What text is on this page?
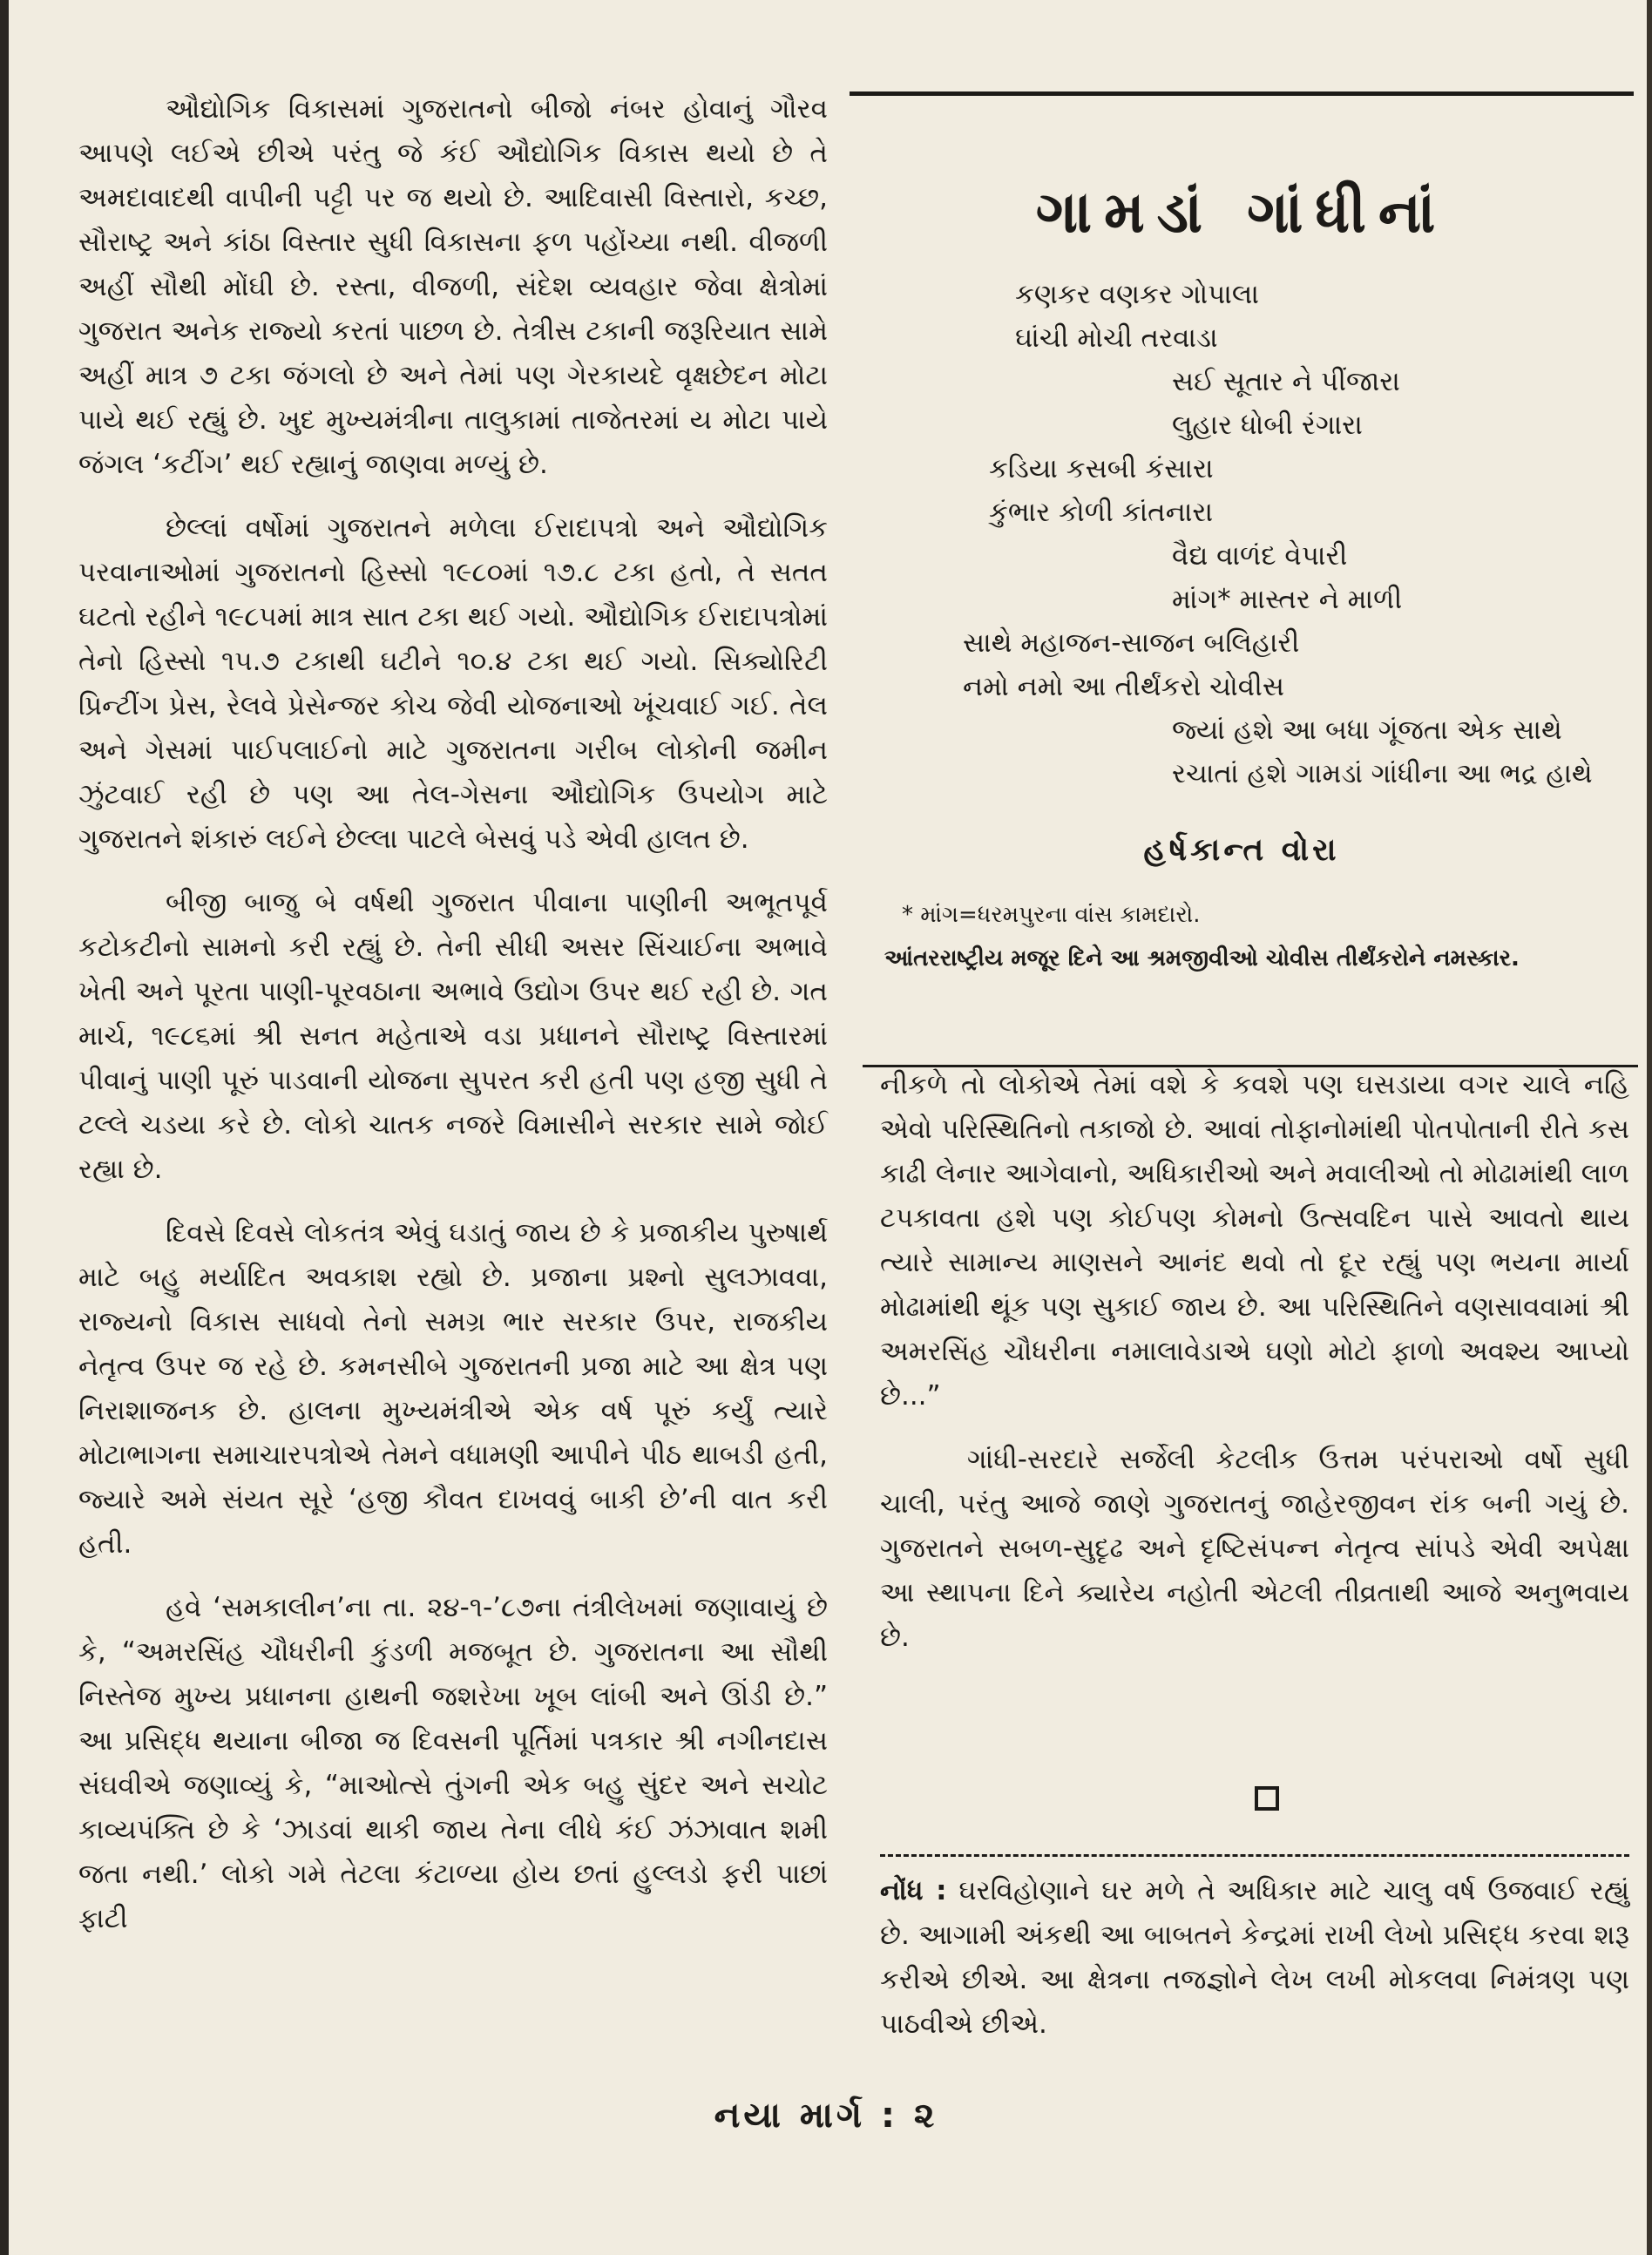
ઔદ્યોગિક વિકાસમાં ગુજરાતનો બીજો નંબર હોવાનું ગૌરવ આપણે લઈએ છીએ પરંતુ જે કંઈ ઔદ્યોગિક વિકાસ થયો છે તે અમદાવાદથી વાપીની પટ્ટી પર જ થયો છે. આદિવાસી વિસ્તારો, કચ્છ, સૌરાષ્ટ્ર અને કાંઠા વિસ્તાર સુધી વિકાસના ફળ પહોંચ્યા નથી. વીજળી અહીં સૌથી મોંઘી છે. રસ્તા, વીજળી, સંદેશ વ્યવહાર જેવા ક્ષેત્રોમાં ગુજરાત અનેક રાજ્યો કરતાં પાછળ છે. તેત્રીસ ટકાની જરૂરિયાત સામે અહીં માત્ર ૭ ટકા જંગલો છે અને તેમાં પણ ગેરકાયદે વૃક્ષછેદન મોટા પાયે થઈ રહ્યું છે. ખુદ મુખ્યમંત્રીના તાલુકામાં તાજેતરમાં ય મોટા પાયે જંગલ ‘કટીંગ’ થઈ રહ્યાનું જાણવા મળ્યું છે.

છેલ્લાં વર્ષોમાં ગુજરાતને મળેલા ઈરાદાપત્રો અને ઔદ્યોગિક પરવાનાઓમાં ગુજરાતનો હિસ્સો ૧૯૮૦માં ૧૭.૮ ટકા હતો, તે સતત ઘટતો રહીને ૧૯૮૫માં માત્ર સાત ટકા થઈ ગયો. ઔદ્યોગિક ઈરાદાપત્રોમાં તેનો હિસ્સો ૧૫.૭ ટકાથી ઘટીને ૧૦.૪ ટકા થઈ ગયો. સિક્યોરિટી પ્રિન્ટીંગ પ્રેસ, રેલવે પ્રેસેન્જર કોચ જેવી યોજનાઓ ખૂંચવાઈ ગઈ. તેલ અને ગેસમાં પાઈપલાઈનો માટે ગુજરાતના ગરીબ લોકોની જમીન ઝુંટવાઈ રહી છે પણ આ તેલ-ગેસના ઔદ્યોગિક ઉપયોગ માટે ગુજરાતને શંકારું લઈને છેલ્લા પાટલે બેસવું પડે એવી હાલત છે.

બીજી બાજુ બે વર્ષથી ગુજરાત પીવાના પાણીની અભૂતપૂર્વ કટોકટીનો સામનો કરી રહ્યું છે. તેની સીધી અસર સિંચાઈના અભાવે ખેતી અને પૂરતા પાણી-પૂરવઠાના અભાવે ઉદ્યોગ ઉપર થઈ રહી છે. ગત માર્ચ, ૧૯૮૬માં શ્રી સનત મહેતાએ વડા પ્રધાનને સૌરાષ્ટ્ર વિસ્તારમાં પીવાનું પાણી પૂરું પાડવાની યોજના સુપરત કરી હતી પણ હજી સુધી તે ટલ્લે ચડયા કરે છે. લોકો ચાતક નજરે વિમાસીને સરકાર સામે જોઈ રહ્યા છે.

દિવસે દિવસે લોકતંત્ર એવું ઘડાતું જાય છે કે પ્રજાકીય પુરુષાર્થ માટે બહુ મર્યાદિત અવકાશ રહ્યો છે. પ્રજાના પ્રશ્નો સુલઝાવવા, રાજ્યનો વિકાસ સાધવો તેનો સમગ્ર ભાર સરકાર ઉપર, રાજકીય નેતૃત્વ ઉપર જ રહે છે. કમનસીબે ગુજરાતની પ્રજા માટે આ ક્ષેત્ર પણ નિરાશાજનક છે. હાલના મુખ્યમંત્રીએ એક વર્ષ પૂરું કર્યું ત્યારે મોટાભાગના સમાચારપત્રોએ તેમને વધામણી આપીને પીઠ થાબડી હતી, જ્યારે અમે સંયત સૂરે ‘હજી કૌવત દાખવવું બાકી છે’ની વાત કરી હતી.

હવે ‘સમકાલીન’ના તા. ૨૪-૧-’૮૭ના તંત્રીલેખમાં જણાવાયું છે કે, “અમરસિંહ ચૌધરીની કુંડળી મજબૂત છે. ગુજરાતના આ સૌથી નિસ્તેજ મુખ્ય પ્રધાનના હાથની જશરેખા ખૂબ લાંબી અને ઊંડી છે.” આ પ્રસિદ્ધ થયાના બીજા જ દિવસની પૂર્તિમાં પત્રકાર શ્રી નગીનદાસ સંઘવીએ જણાવ્યું કે, “માઓત્સે તુંગની એક બહુ સુંદર અને સચોટ કાવ્યપંક્તિ છે કે ‘ઝાડવાં થાકી જાય તેના લીધે કંઈ ઝંઝાવાત શમી જતા નથી.’ લોકો ગમે તેટલા કંટાળ્યા હોય છતાં હુલ્લડો ફરી પાછાં ફાટી

ગામડાં ગાંધીનાં
કણકર વણકર ગોપાલા
ઘાંચી મોચી તરવાડા
સઈ સૂતાર ને પીંજારા
લુહાર ધોબી રંગારા
કડિયા કસબી કંસારા
કુંભાર કોળી કાંતનારા
વૈદ્ય વાળંદ વેપારી
માંગ* માસ્તર ને માળી
સાથે મહાજન-સાજન બલિહારી
નમો નમો આ તીર્થંકરો ચોવીસ
જ્યાં હશે આ બધા ગૂંજતા એક સાથે
રચાતાં હશે ગામડાં ગાંધીના આ ભદ્ર હાથે
હર્ષકાન્ત વોરા
* માંગ=ધરમપુરના વાંસ કામદારો.
આંતરરાષ્ટ્રીય મજૂર દિને આ શ્રમજીવીઓ ચોવીસ તીર્થંકરોને નમસ્કાર.

નીકળે તો લોકોએ તેમાં વશે કે કવશે પણ ઘસડાયા વગર ચાલે નહિ એવો પરિસ્થિતિનો તકાજો છે. આવાં તોફાનોમાંથી પોતપોતાની રીતે કસ કાઢી લેનાર આગેવાનો, અધિકારીઓ અને મવાલીઓ તો મોઢામાંથી લાળ ટપકાવતા હશે પણ કોઈપણ કોમનો ઉત્સવદિન પાસે આવતો થાય ત્યારે સામાન્ય માણસને આનંદ થવો તો દૂર રહ્યું પણ ભયના માર્યા મોઢામાંથી થૂંક પણ સુકાઈ જાય છે. આ પરિસ્થિતિને વણસાવવામાં શ્રી અમરસિંહ ચૌધરીના નમાલાવેડાએ ઘણો મોટો ફાળો અવશ્ય આપ્યો છે...”

ગાંધી-સરદારે સર્જેલી કેટલીક ઉત્તમ પરંપરાઓ વર્ષો સુધી ચાલી, પરંતુ આજે જાણે ગુજરાતનું જાહેરજીવન રાંક બની ગયું છે. ગુજરાતને સબળ-સુદૃઢ અને દૃષ્ટિસંપન્ન નેતૃત્વ સાંપડે એવી અપેક્ષા આ સ્થાપના દિને ક્યારેય નહોતી એટલી તીવ્રતાથી આજે અનુભવાય છે.

નોંધ : ઘરવિહોણાને ઘર મળે તે અધિકાર માટે ચાલુ વર્ષ ઉજવાઈ રહ્યું છે. આગામી અંકથી આ બાબતને કેન્દ્રમાં રાખી લેખો પ્રસિદ્ધ કરવા શરૂ કરીએ છીએ. આ ક્ષેત્રના તજજ્ઞોને લેખ લખી મોકલવા નિમંત્રણ પણ પાઠવીએ છીએ.
નયા માર્ગ : ૨
